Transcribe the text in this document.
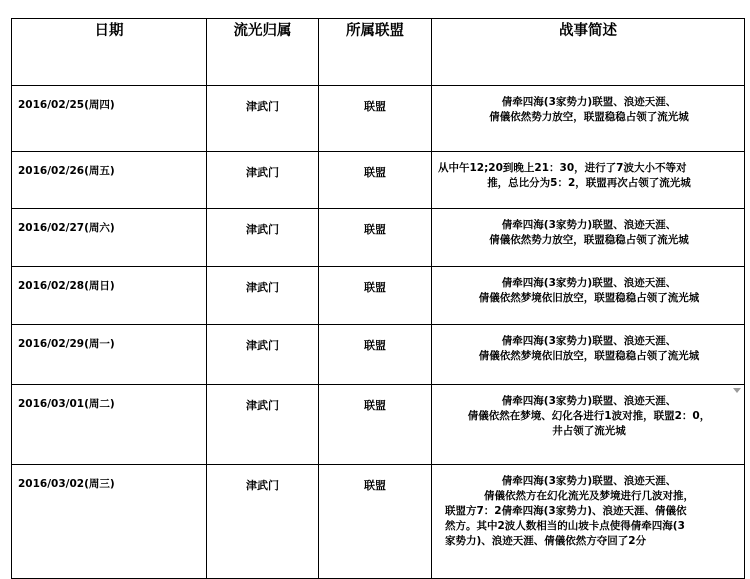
日期	流光归属	所属联盟	战事简述
2016/02/25(周四)	津武门	联盟	倩牵四海(3家势力)联盟、浪迹天涯、
倩儀依然势力放空，联盟稳稳占领了流光城

2016/02/26(周五)	津武门	联盟	从中午12;20到晚上21：30，进行了7波大小不等对
推，总比分为5：2，联盟再次占领了流光城

2016/02/27(周六)	津武门	联盟	倩牵四海(3家势力)联盟、浪迹天涯、
倩儀依然势力放空，联盟稳稳占领了流光城

2016/02/28(周日)	津武门	联盟	倩牵四海(3家势力)联盟、浪迹天涯、
倩儀依然梦境依旧放空，联盟稳稳占领了流光城

2016/02/29(周一)	津武门	联盟	倩牵四海(3家势力)联盟、浪迹天涯、
倩儀依然梦境依旧放空，联盟稳稳占领了流光城

2016/03/01(周二)	津武门	联盟	倩牵四海(3家势力)联盟、浪迹天涯、
倩儀依然在梦境、幻化各进行1波对推，联盟2：0，
井占领了流光城

2016/03/02(周三)	津武门	联盟	倩牵四海(3家势力)联盟、浪迹天涯、
倩儀依然方在幻化流光及梦境进行几波对推，
联盟方7：2倩牵四海(3家势力)、浪迹天涯、倩儀依
然方。其中2波人数相当的山坡卡点使得倩牵四海(3
家势力)、浪迹天涯、倩儀依然方夺回了2分
